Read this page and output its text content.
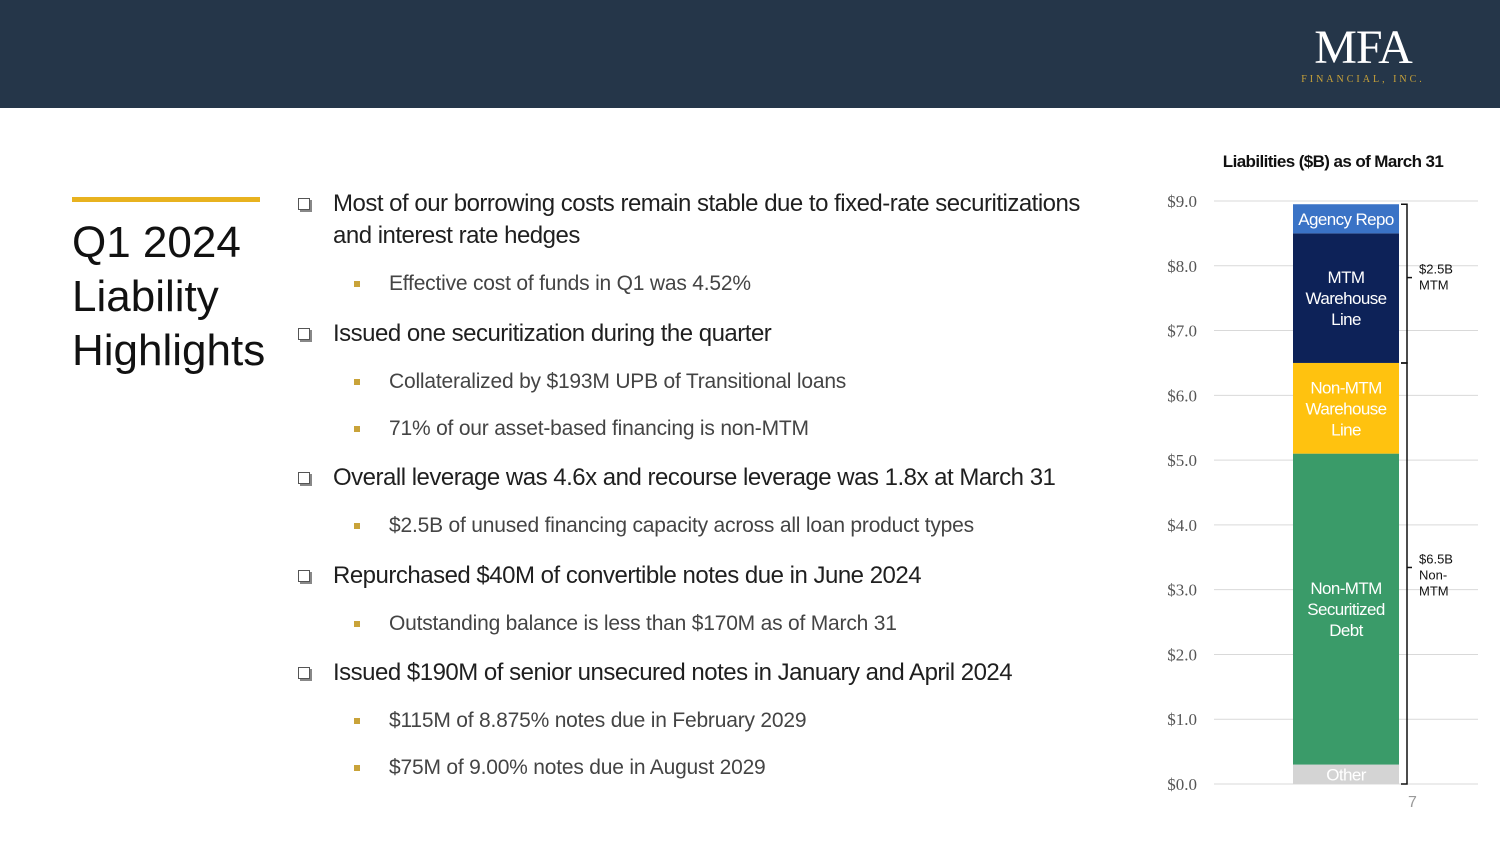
MFA
FINANCIAL, INC.
Q1 2024
Liability
Highlights
Most of our borrowing costs remain stable due to fixed-rate securitizations and interest rate hedges
Effective cost of funds in Q1 was 4.52%
Issued one securitization during the quarter
Collateralized by $193M UPB of Transitional loans
71% of our asset-based financing is non-MTM
Overall leverage was 4.6x and recourse leverage was 1.8x at March 31
$2.5B of unused financing capacity across all loan product types
Repurchased $40M of convertible notes due in June 2024
Outstanding balance is less than $170M as of March 31
Issued $190M of senior unsecured notes in January and April 2024
$115M of 8.875% notes due in February 2029
$75M of 9.00% notes due in August 2029
Liabilities ($B) as of March 31
$0.0
$1.0
$2.0
$3.0
$4.0
$5.0
$6.0
$7.0
$8.0
$9.0
Other
Non-MTM
Securitized
Debt
Non-MTM
Warehouse
Line
MTM
Warehouse
Line
Agency Repo
$2.5B
MTM
$6.5B
Non-
MTM
7
